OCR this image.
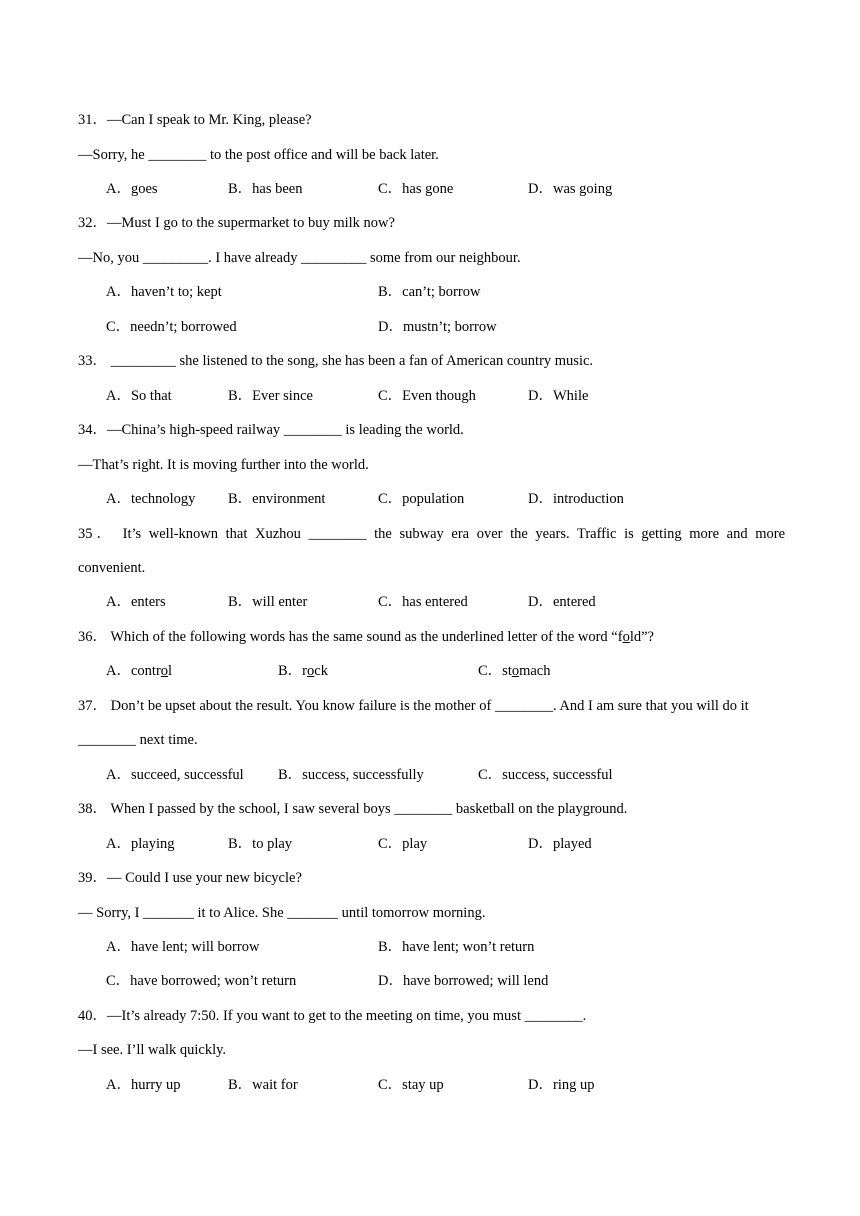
31．—Can I speak to Mr. King, please?
—Sorry, he ________ to the post office and will be back later.
A．goes	B．has been	C．has gone	D．was going
32．—Must I go to the supermarket to buy milk now?
—No, you _________. I have already _________ some from our neighbour.
A．haven’t to; kept	B．can’t; borrow
C．needn’t; borrowed	D．mustn’t; borrow
33． _________ she listened to the song, she has been a fan of American country music.
A．So that	B．Ever since	C．Even though	D．While
34．—China’s high-speed railway ________ is leading the world.
—That’s right. It is moving further into the world.
A．technology B．environment	C．population	D．introduction
35． It’s well-known that Xuzhou ________ the subway era over the years. Traffic is getting more and more
convenient.
A．enters	B．will enter	C．has entered	D．entered
36． Which of the following words has the same sound as the underlined letter of the word “fold”?
A．control	B．rock	C．stomach
37． Don’t be upset about the result. You know failure is the mother of ________. And I am sure that you will do it
________ next time.
A．succeed, successful B．success, successfully	C．success, successful
38． When I passed by the school, I saw several boys ________ basketball on the playground.
A．playing	B．to play	C．play	D．played
39．— Could I use your new bicycle?
— Sorry, I _______ it to Alice. She _______ until tomorrow morning.
A．have lent; will borrow	B．have lent; won’t return
C．have borrowed; won’t return	D．have borrowed; will lend
40．—It’s already 7:50. If you want to get to the meeting on time, you must ________.
—I see. I’ll walk quickly.
A．hurry up	B．wait for	C．stay up	D．ring up
